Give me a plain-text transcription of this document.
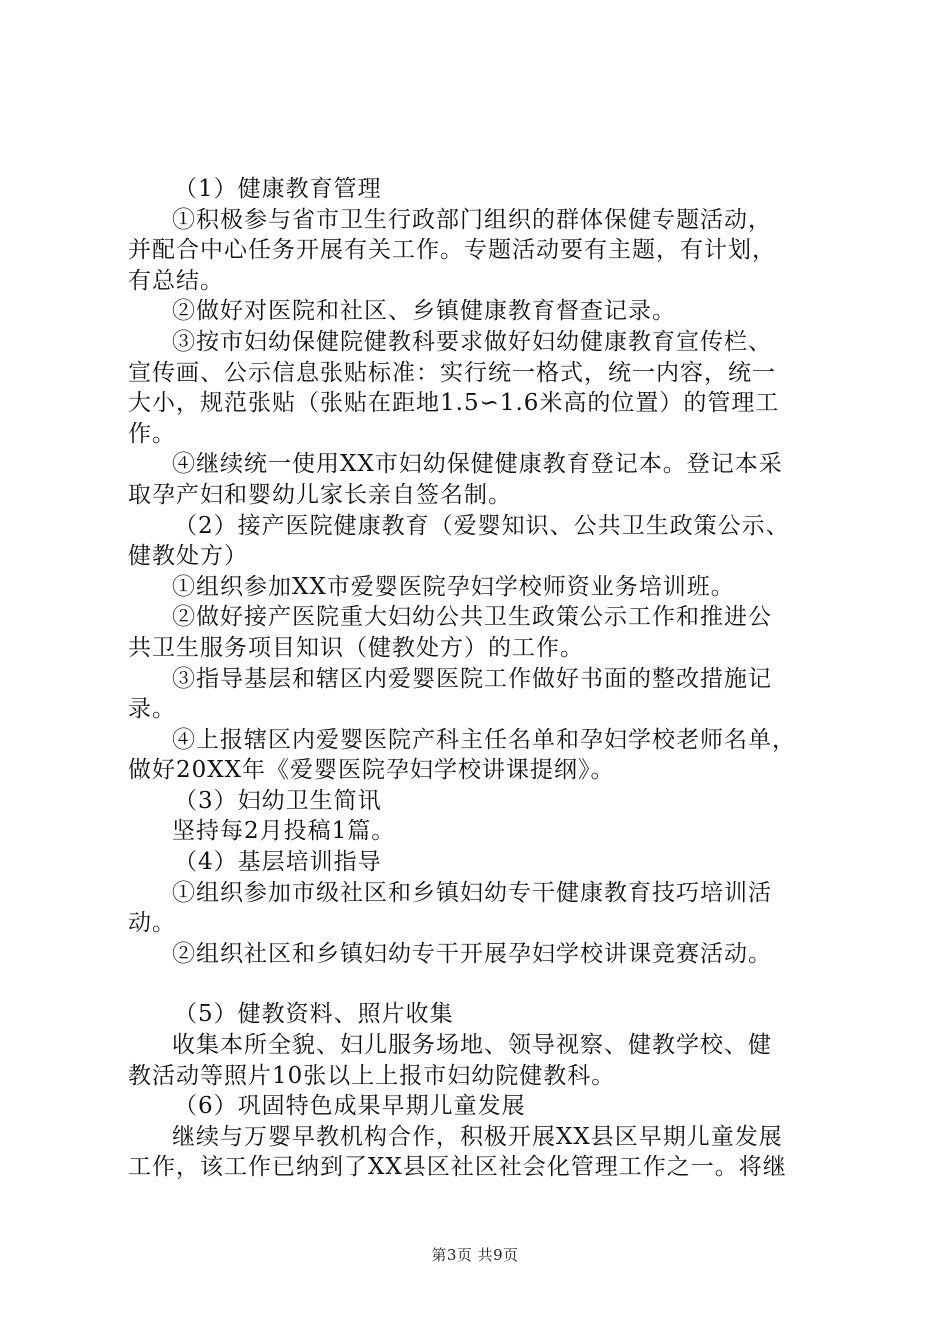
（1）健康教育管理
①积极参与省市卫生行政部门组织的群体保健专题活动，
并配合中心任务开展有关工作。专题活动要有主题，有计划，
有总结。
②做好对医院和社区、乡镇健康教育督查记录。
③按市妇幼保健院健教科要求做好妇幼健康教育宣传栏、
宣传画、公示信息张贴标准：实行统一格式，统一内容，统一
大小，规范张贴（张贴在距地1.5∽1.6米高的位置）的管理工
作。
④继续统一使用XX市妇幼保健健康教育登记本。登记本采
取孕产妇和婴幼儿家长亲自签名制。
（2）接产医院健康教育（爱婴知识、公共卫生政策公示、
健教处方）
①组织参加XX市爱婴医院孕妇学校师资业务培训班。
②做好接产医院重大妇幼公共卫生政策公示工作和推进公
共卫生服务项目知识（健教处方）的工作。
③指导基层和辖区内爱婴医院工作做好书面的整改措施记
录。
④上报辖区内爱婴医院产科主任名单和孕妇学校老师名单，
做好20XX年《爱婴医院孕妇学校讲课提纲》。
（3）妇幼卫生简讯
坚持每2月投稿1篇。
（4）基层培训指导
①组织参加市级社区和乡镇妇幼专干健康教育技巧培训活
动。
②组织社区和乡镇妇幼专干开展孕妇学校讲课竞赛活动。
（5）健教资料、照片收集
收集本所全貌、妇儿服务场地、领导视察、健教学校、健
教活动等照片10张以上上报市妇幼院健教科。
（6）巩固特色成果早期儿童发展
继续与万婴早教机构合作，积极开展XX县区早期儿童发展
工作，该工作已纳到了XX县区社区社会化管理工作之一。将继
第3页 共9页
